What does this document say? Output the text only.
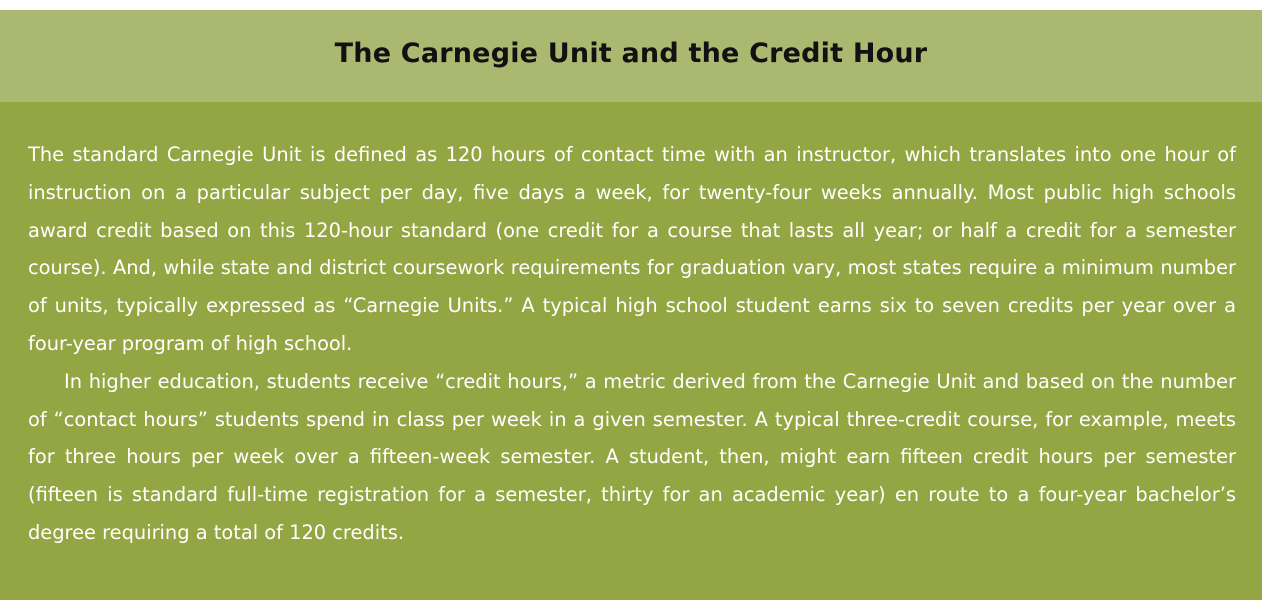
The Carnegie Unit and the Credit Hour

The standard Carnegie Unit is defined as 120 hours of contact time with an instructor, which translates into one hour of instruction on a particular subject per day, five days a week, for twenty-four weeks annually. Most public high schools award credit based on this 120-hour standard (one credit for a course that lasts all year; or half a credit for a semester course). And, while state and district coursework requirements for graduation vary, most states require a minimum number of units, typically expressed as “Carnegie Units.” A typical high school student earns six to seven credits per year over a four-year program of high school.

In higher education, students receive “credit hours,” a metric derived from the Carnegie Unit and based on the number of “contact hours” students spend in class per week in a given semester. A typical three-credit course, for example, meets for three hours per week over a fifteen-week semester. A student, then, might earn fifteen credit hours per semester (fifteen is standard full-time registration for a semester, thirty for an academic year) en route to a four-year bachelor’s degree requiring a total of 120 credits.
